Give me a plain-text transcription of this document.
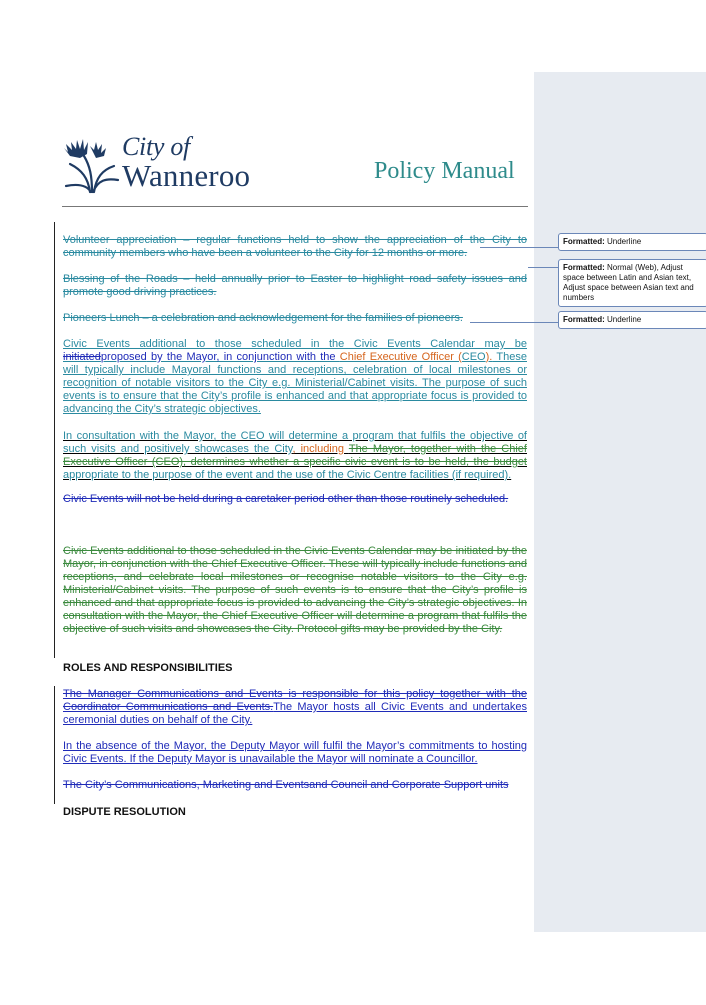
City of
Wanneroo	Policy Manual
Volunteer appreciation – regular functions held to show the appreciation of the City to community members who have been a volunteer to the City for 12 months or more.
Blessing of the Roads – held annually prior to Easter to highlight road safety issues and promote good driving practices.
Pioneers Lunch – a celebration and acknowledgement for the families of pioneers.
Civic Events additional to those scheduled in the Civic Events Calendar may be initiatedproposed by the Mayor, in conjunction with the Chief Executive Officer (CEO). These will typically include Mayoral functions and receptions, celebration of local milestones or recognition of notable visitors to the City e.g. Ministerial/Cabinet visits. The purpose of such events is to ensure that the City’s profile is enhanced and that appropriate focus is provided to advancing the City’s strategic objectives.
In consultation with the Mayor, the CEO will determine a program that fulfils the objective of such visits and positively showcases the City, including The Mayor, together with the Chief Executive Officer (CEO), determines whether a specific civic event is to be held, the budget appropriate to the purpose of the event and the use of the Civic Centre facilities (if required).
Civic Events will not be held during a caretaker period other than those routinely scheduled.
Civic Events additional to those scheduled in the Civic Events Calendar may be initiated by the Mayor, in conjunction with the Chief Executive Officer. These will typically include functions and receptions, and celebrate local milestones or recognise notable visitors to the City e.g. Ministerial/Cabinet visits. The purpose of such events is to ensure that the City’s profile is enhanced and that appropriate focus is provided to advancing the City’s strategic objectives. In consultation with the Mayor, the Chief Executive Officer will determine a program that fulfils the objective of such visits and showcases the City. Protocol gifts may be provided by the City.
ROLES AND RESPONSIBILITIES
The Manager Communications and Events is responsible for this policy together with the Coordinator Communications and Events.The Mayor hosts all Civic Events and undertakes ceremonial duties on behalf of the City.
In the absence of the Mayor, the Deputy Mayor will fulfil the Mayor’s commitments to hosting Civic Events. If the Deputy Mayor is unavailable the Mayor will nominate a Councillor.
The City’s Communications, Marketing and Eventsand Council and Corporate Support units
DISPUTE RESOLUTION
Formatted: Underline
Formatted: Normal (Web), Adjust space between Latin and Asian text, Adjust space between Asian text and numbers
Formatted: Underline
